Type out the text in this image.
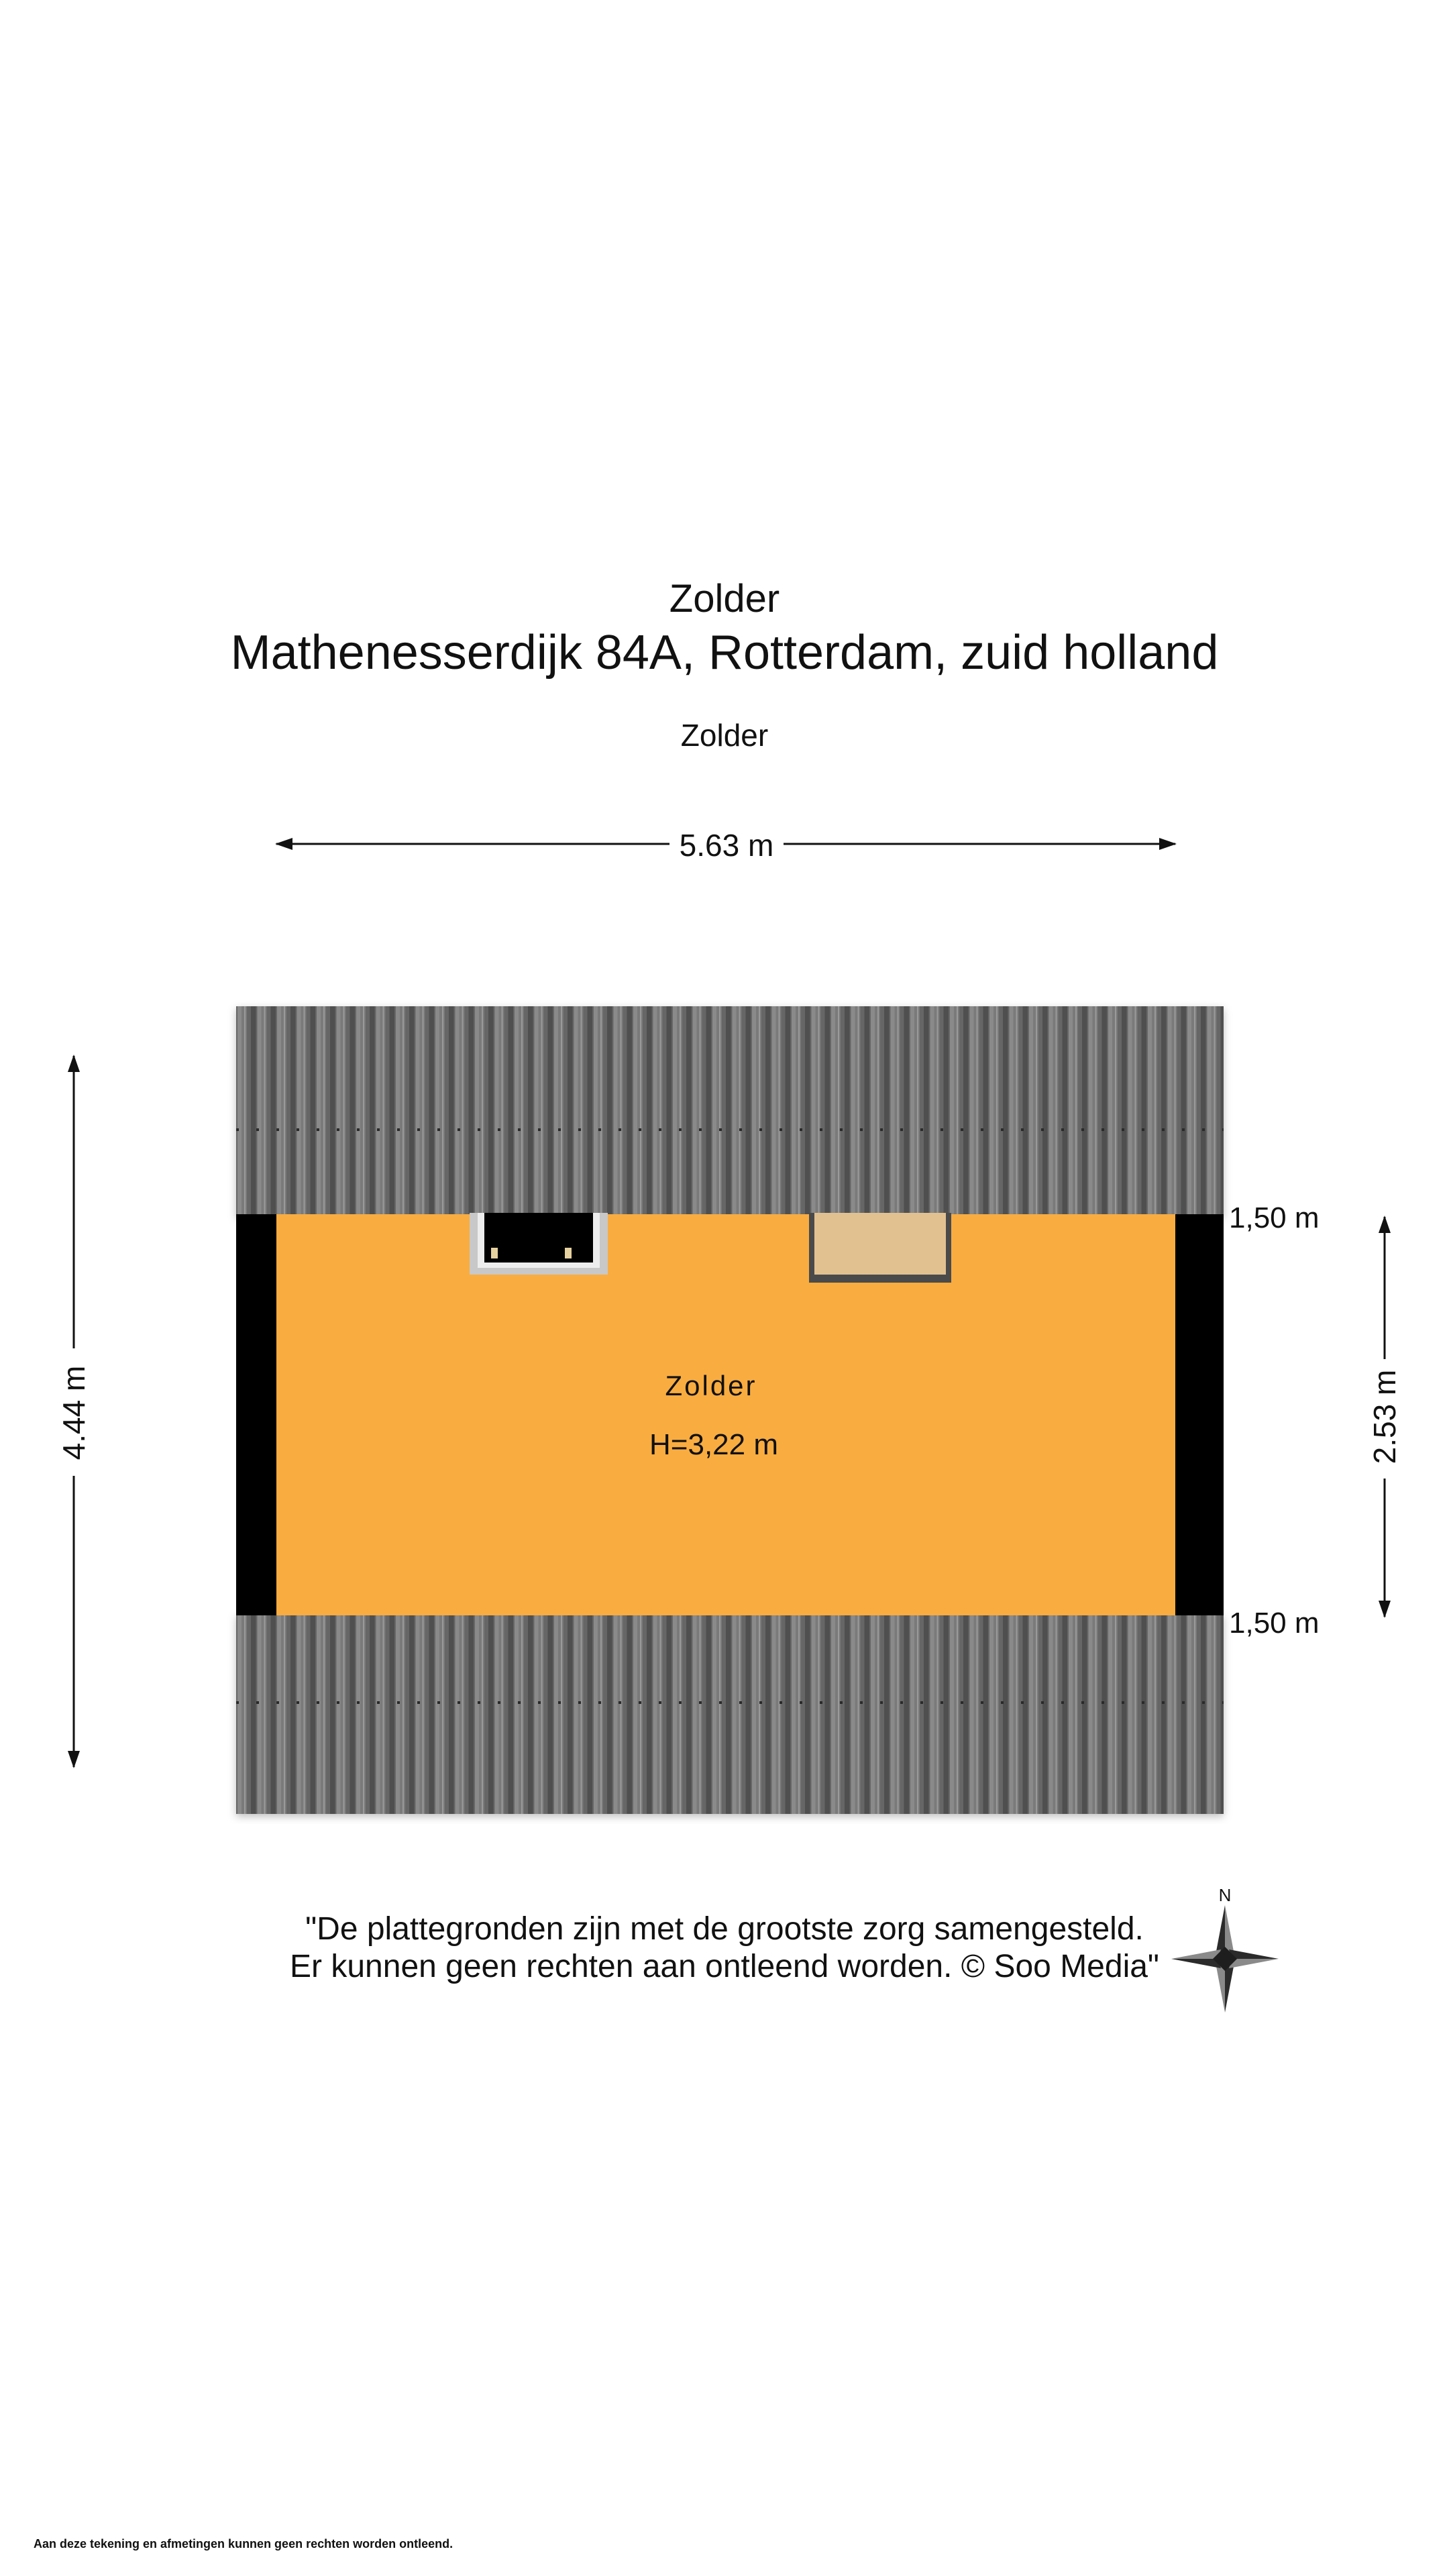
Zolder
Mathenesserdijk 84A, Rotterdam, zuid holland
Zolder
5.63 m
4.44 m	2.53 m
1,50 m
1,50 m
Zolder
H=3,22 m
N
"De plattegronden zijn met de grootste zorg samengesteld.
Er kunnen geen rechten aan ontleend worden. © Soo Media"
Aan deze tekening en afmetingen kunnen geen rechten worden ontleend.
